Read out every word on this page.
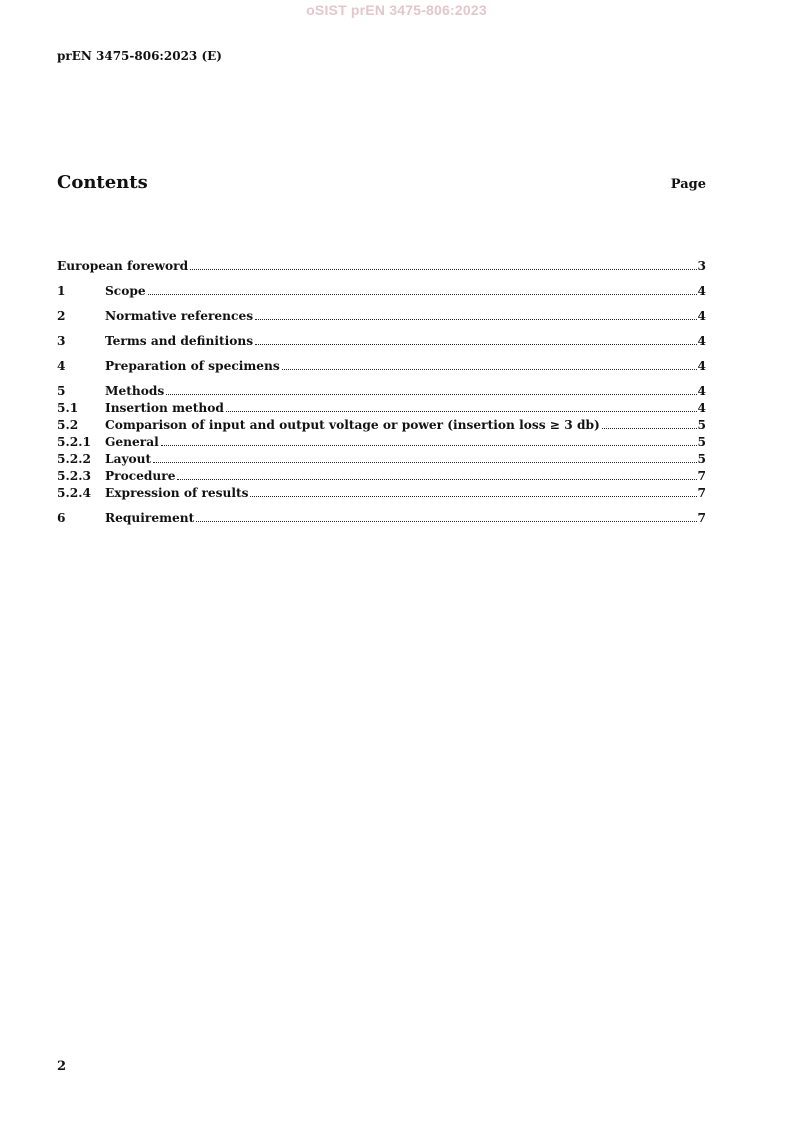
oSIST prEN 3475-806:2023
prEN 3475-806:2023 (E)
Contents	Page
European foreword	3
1	Scope	4
2	Normative references	4
3	Terms and definitions	4
4	Preparation of specimens	4
5	Methods	4
5.1	Insertion method	4
5.2	Comparison of input and output voltage or power (insertion loss ≥ 3 db)	5
5.2.1	General	5
5.2.2	Layout	5
5.2.3	Procedure	7
5.2.4	Expression of results	7
6	Requirement	7
2
